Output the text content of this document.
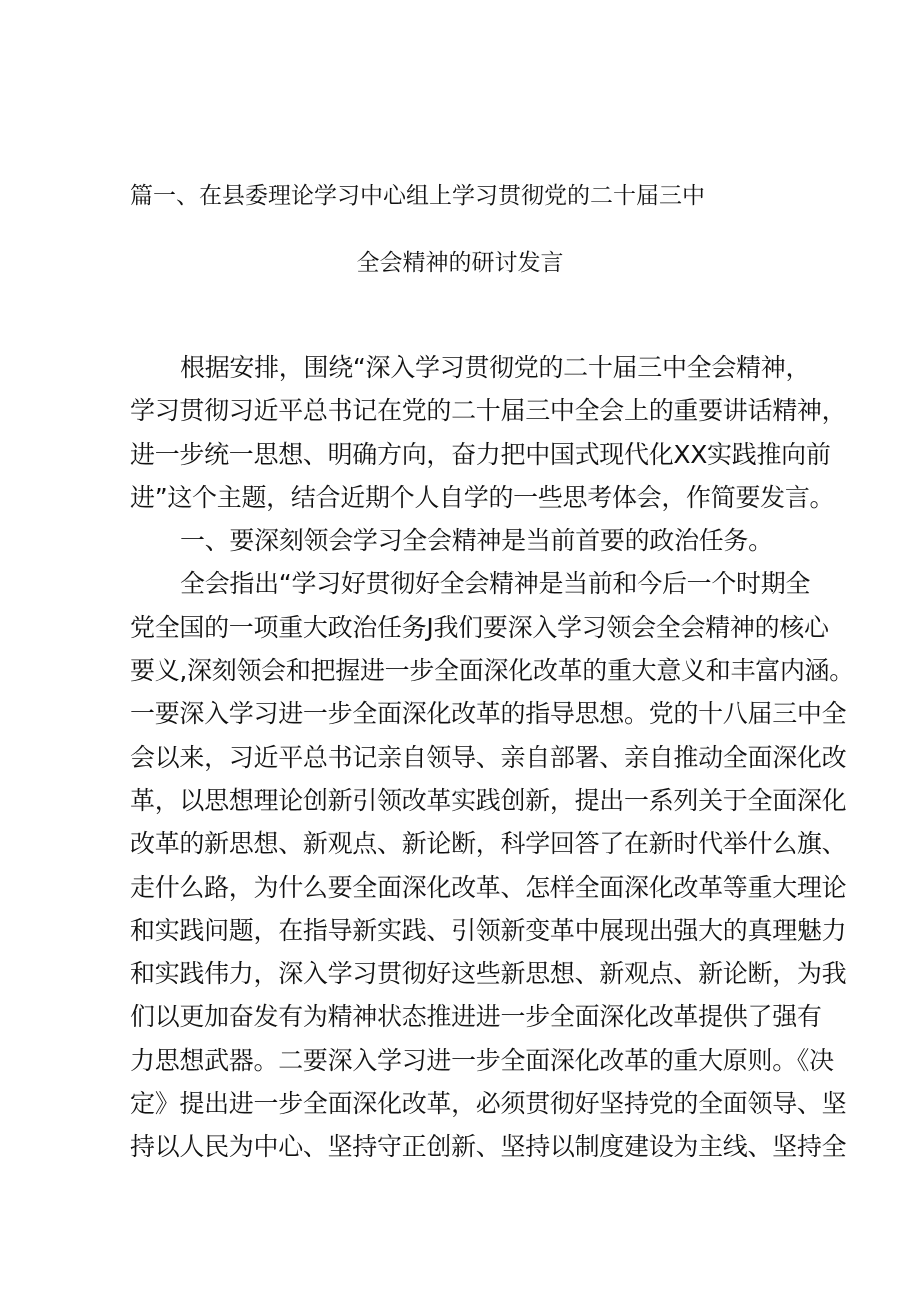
篇一、在县委理论学习中心组上学习贯彻党的二十届三中
全会精神的研讨发言
根据安排，围绕“深入学习贯彻党的二十届三中全会精神，
学习贯彻习近平总书记在党的二十届三中全会上的重要讲话精神，
进一步统一思想、明确方向，奋力把中国式现代化XX实践推向前
进”这个主题，结合近期个人自学的一些思考体会，作简要发言。
一、要深刻领会学习全会精神是当前首要的政治任务。
全会指出“学习好贯彻好全会精神是当前和今后一个时期全
党全国的一项重大政治任务J我们要深入学习领会全会精神的核心
要义,深刻领会和把握进一步全面深化改革的重大意义和丰富内涵。
一要深入学习进一步全面深化改革的指导思想。党的十八届三中全
会以来，习近平总书记亲自领导、亲自部署、亲自推动全面深化改
革，以思想理论创新引领改革实践创新，提出一系列关于全面深化
改革的新思想、新观点、新论断，科学回答了在新时代举什么旗、
走什么路，为什么要全面深化改革、怎样全面深化改革等重大理论
和实践问题，在指导新实践、引领新变革中展现出强大的真理魅力
和实践伟力，深入学习贯彻好这些新思想、新观点、新论断，为我
们以更加奋发有为精神状态推进进一步全面深化改革提供了强有
力思想武器。二要深入学习进一步全面深化改革的重大原则。《决
定》提出进一步全面深化改革，必须贯彻好坚持党的全面领导、坚
持以人民为中心、坚持守正创新、坚持以制度建设为主线、坚持全
